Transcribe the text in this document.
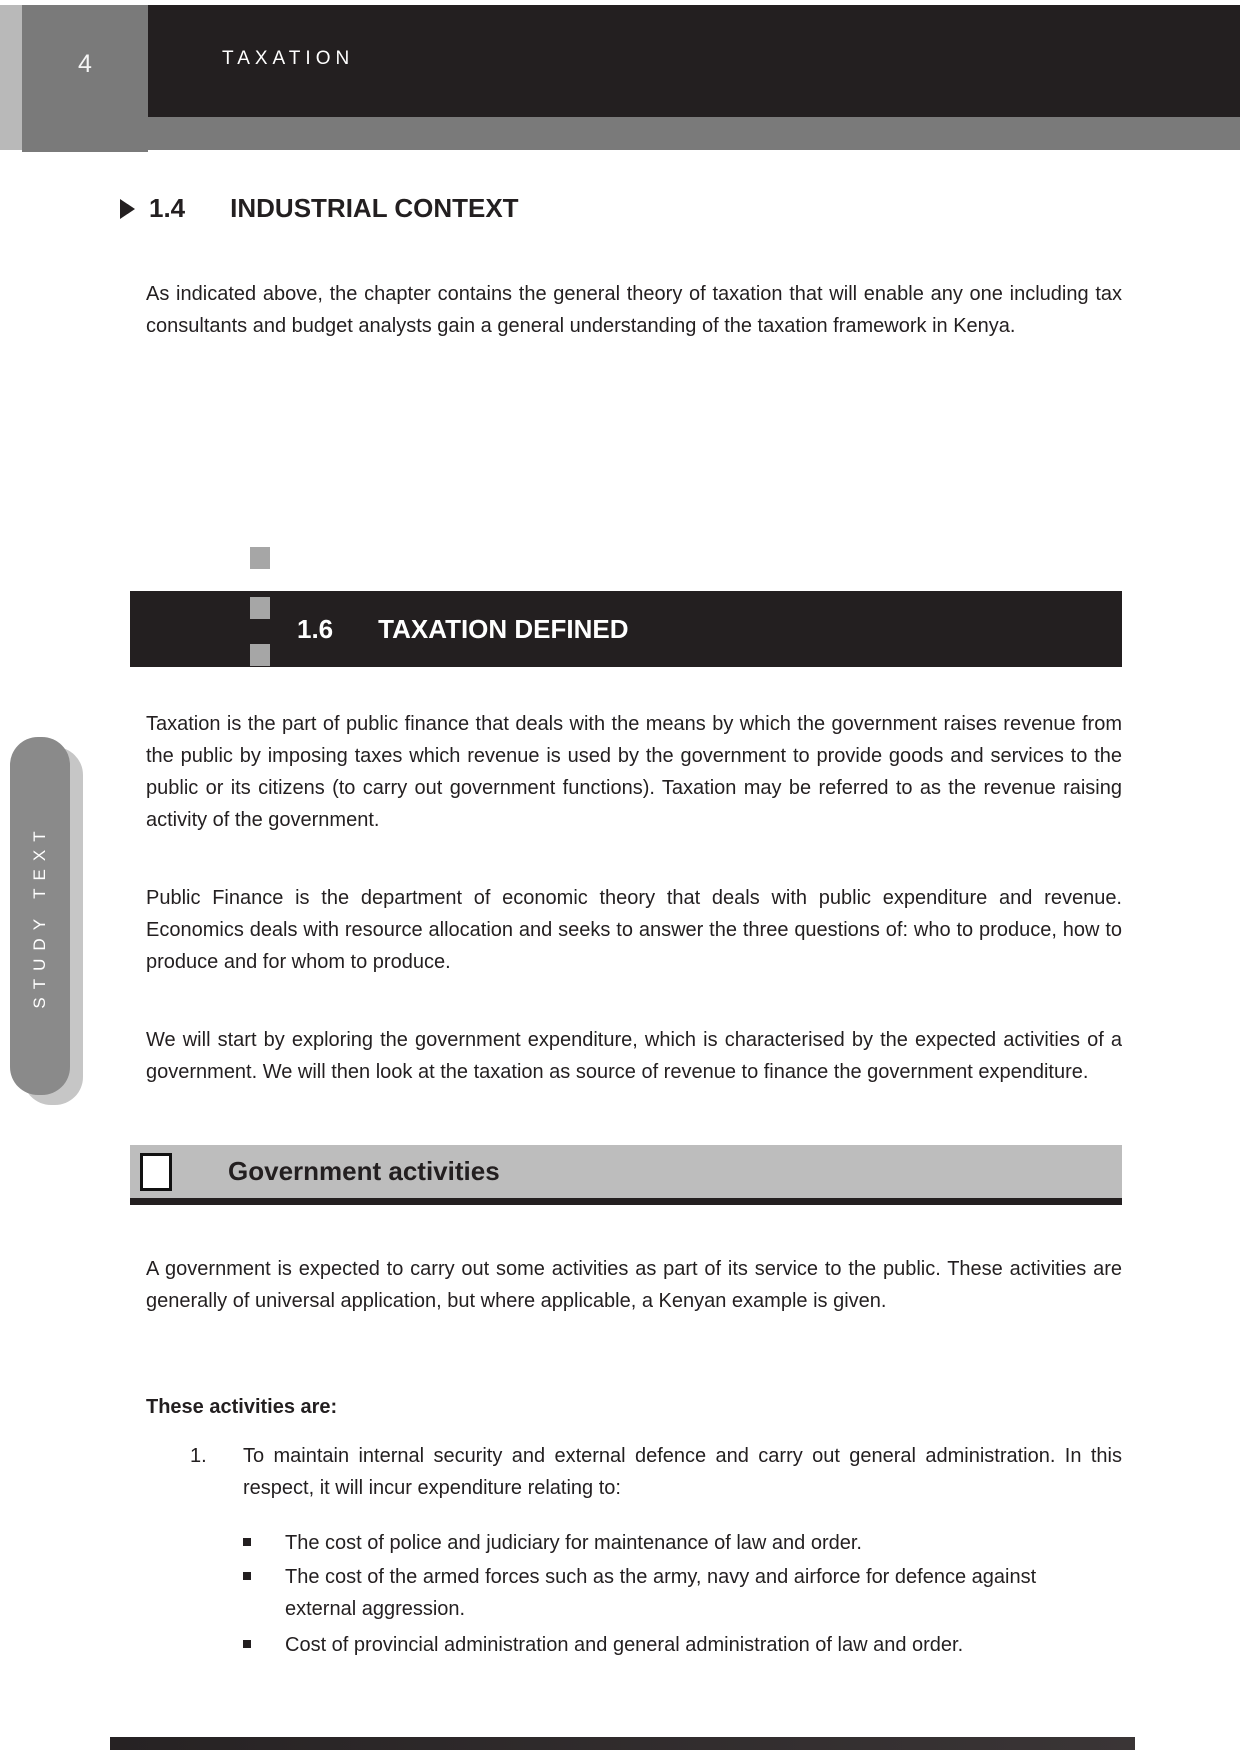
4	TAXATION
STUDY TEXT
1.4 INDUSTRIAL CONTEXT
As indicated above, the chapter contains the general theory of taxation that will enable any one including tax consultants and budget analysts gain a general understanding of the taxation framework in Kenya.
1.6 TAXATION DEFINED
Taxation is the part of public finance that deals with the means by which the government raises revenue from the public by imposing taxes which revenue is used by the government to provide goods and services to the public or its citizens (to carry out government functions). Taxation may be referred to as the revenue raising activity of the government.
Public Finance is the department of economic theory that deals with public expenditure and revenue. Economics deals with resource allocation and seeks to answer the three questions of: who to produce, how to produce and for whom to produce.
We will start by exploring the government expenditure, which is characterised by the expected activities of a government. We will then look at the taxation as source of revenue to finance the government expenditure.
Government activities
A government is expected to carry out some activities as part of its service to the public. These activities are generally of universal application, but where applicable, a Kenyan example is given.
These activities are:
1. To maintain internal security and external defence and carry out general administration. In this respect, it will incur expenditure relating to:
The cost of police and judiciary for maintenance of law and order.
The cost of the armed forces such as the army, navy and airforce for defence against external aggression.
Cost of provincial administration and general administration of law and order.
